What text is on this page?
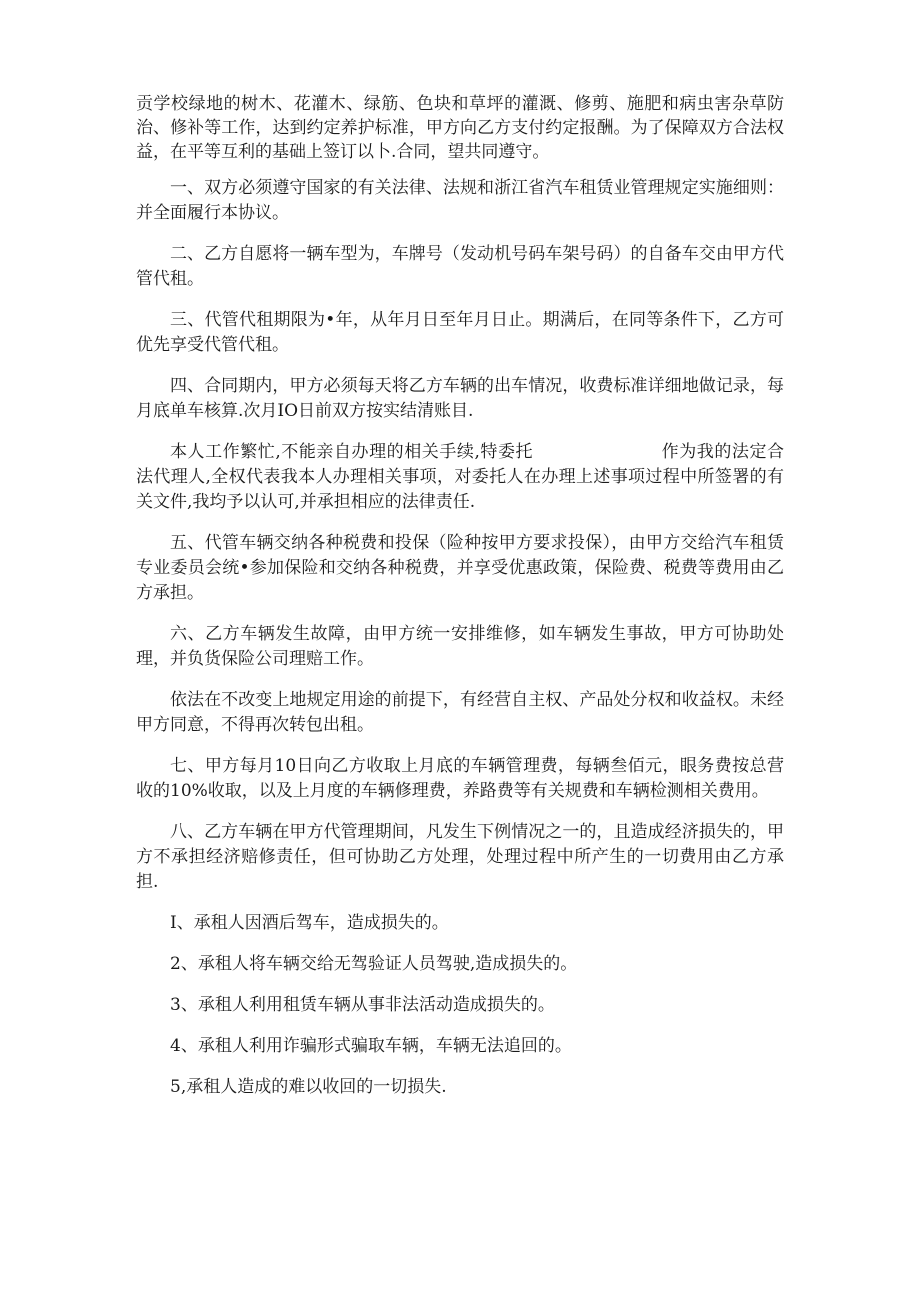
贡学校绿地的树木、花灌木、绿筋、色块和草坪的灌溉、修剪、施肥和病虫害杂草防治、修补等工作，达到约定养护标准，甲方向乙方支付约定报酬。为了保障双方合法权益，在平等互利的基础上签订以卜.合同，望共同遵守。

一、双方必须遵守国家的有关法律、法规和浙江省汽车租赁业管理规定实施细则：并全面履行本协议。

二、乙方自愿将一辆车型为，车牌号（发动机号码车架号码）的自备车交由甲方代管代租。

三、代管代租期限为•年，从年月日至年月日止。期满后，在同等条件下，乙方可优先享受代管代租。

四、合同期内，甲方必须每天将乙方车辆的出车情况，收费标准详细地做记录，每月底单车核算.次月IO日前双方按实结清账目.

本人工作繁忙,不能亲自办理的相关手续,特委托	作为我的法定合法代理人,全权代表我本人办理相关事项，对委托人在办理上述事项过程中所签署的有关文件,我均予以认可,并承担相应的法律责任.

五、代管车辆交纳各种税费和投保（险种按甲方要求投保），由甲方交给汽车租赁专业委员会统•参加保险和交纳各种税费，并享受优惠政策，保险费、税费等费用由乙方承担。

六、乙方车辆发生故障，由甲方统一安排维修，如车辆发生事故，甲方可协助处理，并负货保险公司理赔工作。

依法在不改变上地规定用途的前提下，有经营自主权、产品处分权和收益权。未经甲方同意，不得再次转包出租。

七、甲方每月10日向乙方收取上月底的车辆管理费，每辆叁佰元，眼务费按总营收的10%收取，以及上月度的车辆修理费，养路费等有关规费和车辆检测相关费用。

八、乙方车辆在甲方代管理期间，凡发生下例情况之一的，且造成经济损失的，甲方不承担经济赔修责任，但可协助乙方处理，处理过程中所产生的一切费用由乙方承担.

I、承租人因酒后驾车，造成损失的。

2、承租人将车辆交给无驾验证人员驾驶,造成损失的。

3、承租人利用租赁车辆从事非法活动造成损失的。

4、承租人利用诈骗形式骗取车辆，车辆无法追回的。

5,承租人造成的难以收回的一切损失.
